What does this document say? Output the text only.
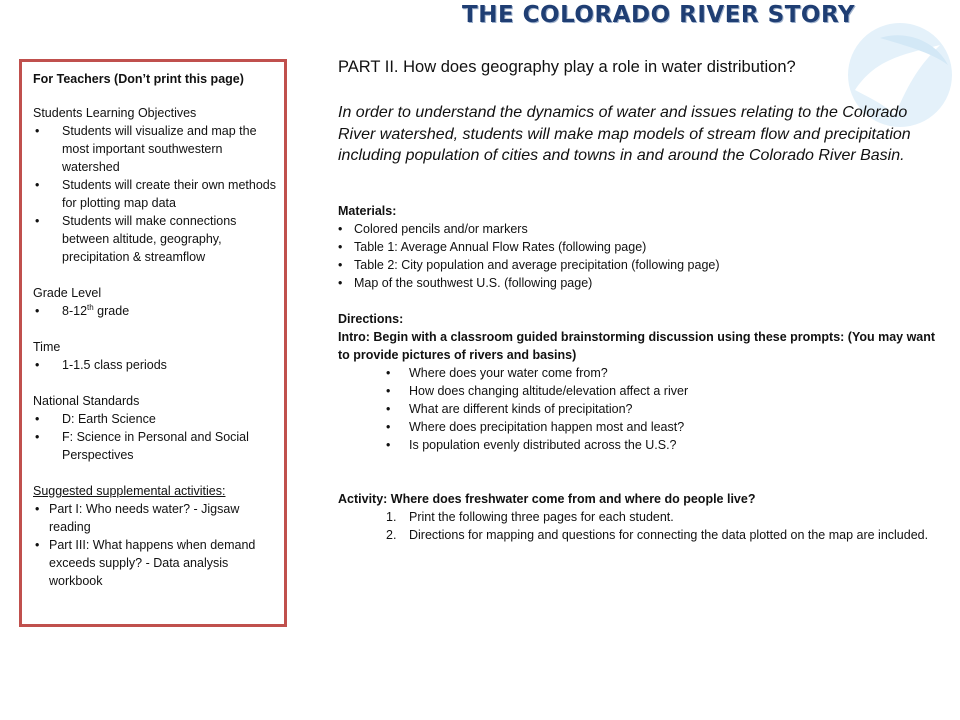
THE COLORADO RIVER STORY
For Teachers (Don’t print this page)
Students Learning Objectives
• Students will visualize and map the most important southwestern watershed
• Students will create their own methods for plotting map data
• Students will make connections between altitude, geography, precipitation & streamflow
Grade Level
• 8-12th grade
Time
• 1-1.5 class periods
National Standards
• D: Earth Science
• F: Science in Personal and Social Perspectives
Suggested supplemental activities:
• Part I: Who needs water? - Jigsaw reading
• Part III: What happens when demand exceeds supply? - Data analysis workbook
PART II. How does geography play a role in water distribution?
In order to understand the dynamics of water and issues relating to the Colorado River watershed, students will make map models of stream flow and precipitation including population of cities and towns in and around the Colorado River Basin.
Materials:
• Colored pencils and/or markers
• Table 1: Average Annual Flow Rates (following page)
• Table 2: City population and average precipitation (following page)
• Map of the southwest U.S. (following page)
Directions:
Intro: Begin with a classroom guided brainstorming discussion using these prompts: (You may want to provide pictures of rivers and basins)
• Where does your water come from?
• How does changing altitude/elevation affect a river
• What are different kinds of precipitation?
• Where does precipitation happen most and least?
• Is population evenly distributed across the U.S.?
Activity: Where does freshwater come from and where do people live?
1. Print the following three pages for each student.
2. Directions for mapping and questions for connecting the data plotted on the map are included.
